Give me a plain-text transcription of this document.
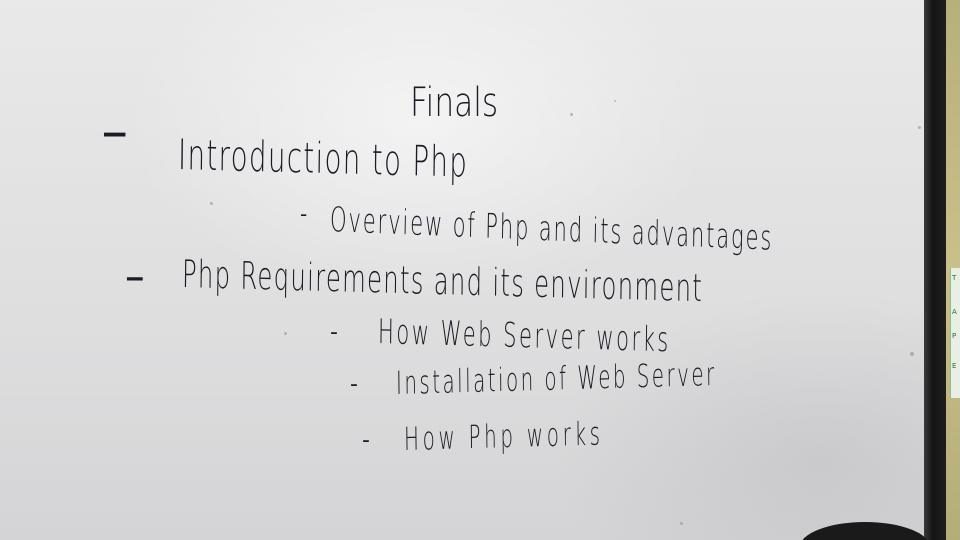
Finals
- Introduction to Php
- Overview of Php and its advantages
- Php Requirements and its environment
- How Web Server works
- Installation of Web Server
- How Php works
T
A
P
E
